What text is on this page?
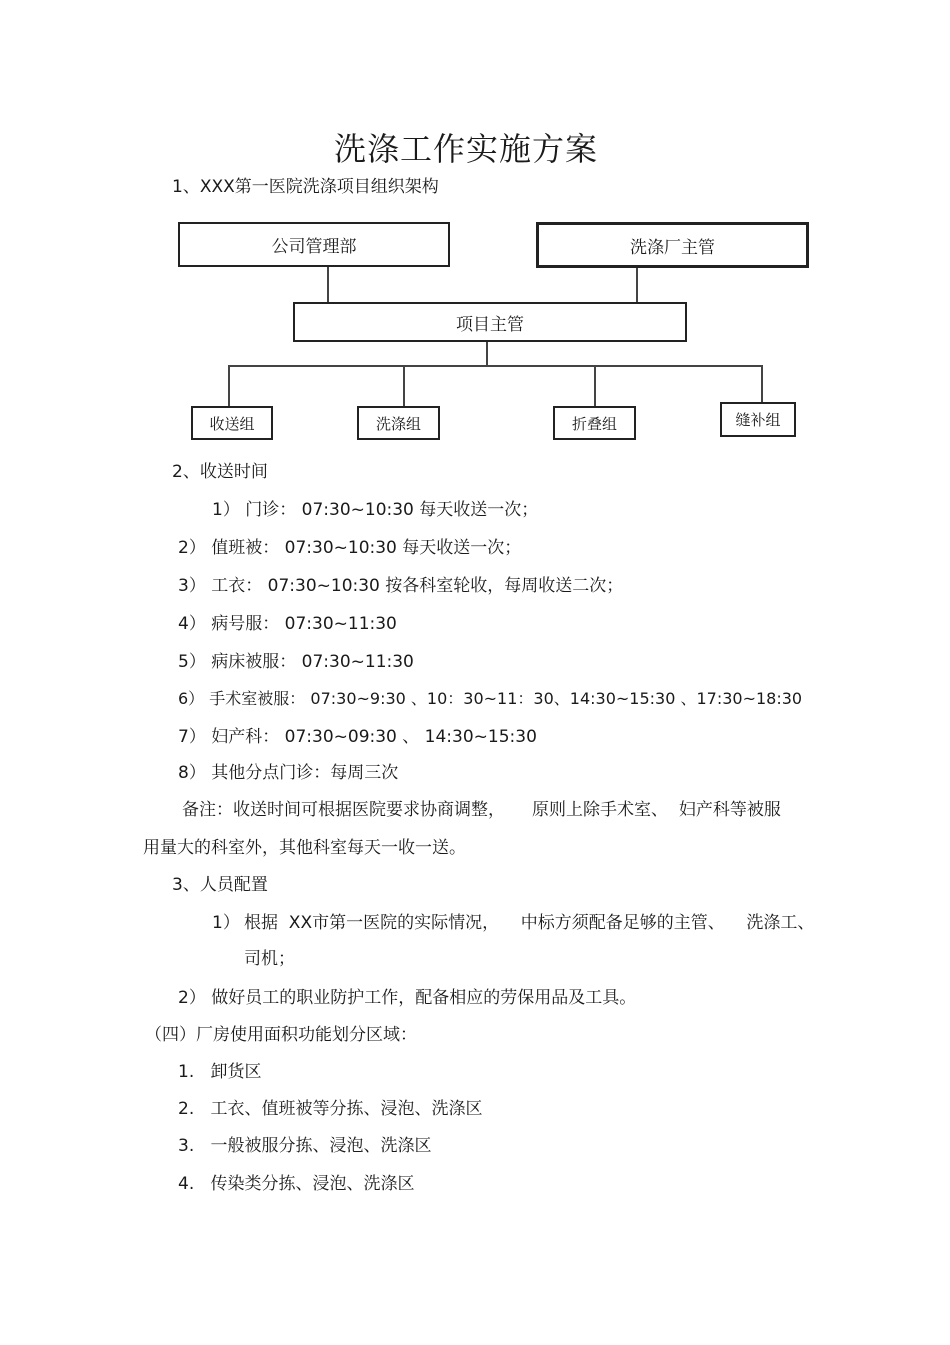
洗涤工作实施方案
1、XXX第一医院洗涤项目组织架构
公司管理部	洗涤厂主管
项目主管
收送组	洗涤组	折叠组	缝补组
2、收送时间
1） 门诊： 07:30~10:30 每天收送一次；
2） 值班被： 07:30~10:30 每天收送一次；
3） 工衣： 07:30~10:30 按各科室轮收，每周收送二次；
4） 病号服： 07:30~11:30
5） 病床被服： 07:30~11:30
6） 手术室被服： 07:30~9:30 、10：30~11：30、14:30~15:30 、17:30~18:30
7） 妇产科： 07:30~09:30 、 14:30~15:30
8） 其他分点门诊：每周三次
备注：收送时间可根据医院要求协商调整，     原则上除手术室、  妇产科等被服
用量大的科室外，其他科室每天一收一送。
3、人员配置
1） 根据  XX市第一医院的实际情况，    中标方须配备足够的主管、    洗涤工、
司机；
2） 做好员工的职业防护工作，配备相应的劳保用品及工具。
（四）厂房使用面积功能划分区域：
1. 卸货区
2. 工衣、值班被等分拣、浸泡、洗涤区
3. 一般被服分拣、浸泡、洗涤区
4. 传染类分拣、浸泡、洗涤区
